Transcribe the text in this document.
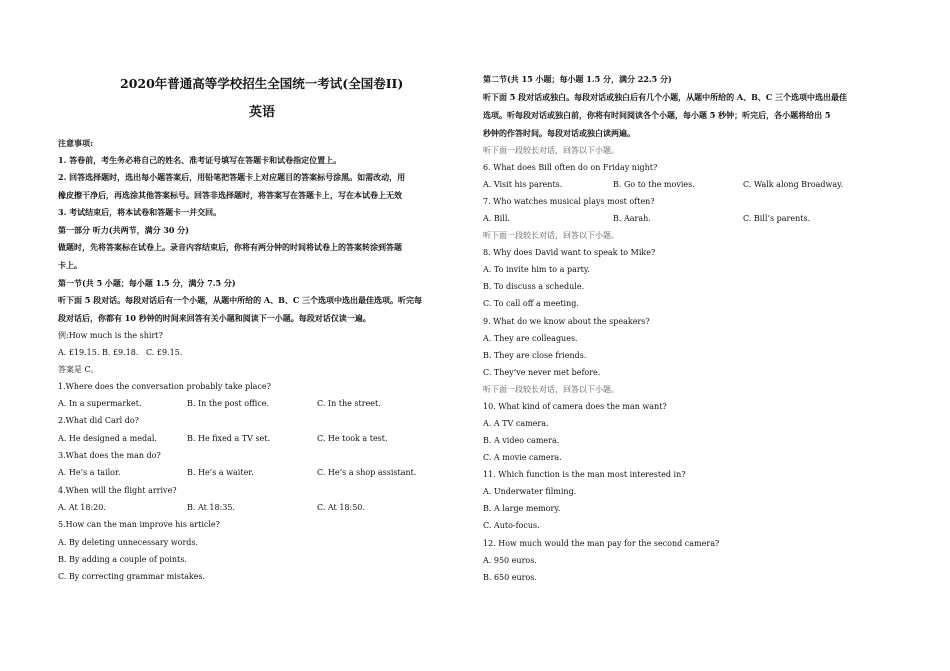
2020年普通高等学校招生全国统一考试(全国卷II)
英语
注意事项:
1. 答卷前，考生务必将自己的姓名、准考证号填写在答题卡和试卷指定位置上。
2. 回答选择题时，选出每小题答案后，用铅笔把答题卡上对应题目的答案标号涂黑。如需改动，用
橡皮擦干净后，再选涂其他答案标号。回答非选择题时，将答案写在答题卡上，写在本试卷上无效
3. 考试结束后，将本试卷和答题卡一并交回。
第一部分 听力(共两节，满分 30 分)
做题时，先将答案标在试卷上。录音内容结束后，你将有两分钟的时间将试卷上的答案转涂到答题
卡上。
第一节(共 5 小题；每小题 1.5 分，满分 7.5 分)
听下面 5 段对话。每段对话后有一个小题，从题中所给的 A、B、C 三个选项中选出最佳选项。听完每
段对话后，你都有 10 秒钟的时间来回答有关小题和阅读下一小题。每段对话仅读一遍。
例:How much is the shirt?
A. £19.15. B. £9.18. C. £9.15.
答案是 C。
1.Where does the conversation probably take place?
A. In a supermarket.	B. In the post office.	C. In the street.
2.What did Carl do?
A. He designed a medal.	B. He fixed a TV set.	C. He took a test.
3.What does the man do?
A. He’s a tailor.	B. He’s a waiter.	C. He’s a shop assistant.
4.When will the flight arrive?
A. At 18:20.	B. At 18:35.	C. At 18:50.
5.How can the man improve his article?
A. By deleting unnecessary words.
B. By adding a couple of points.
C. By correcting grammar mistakes.
第二节(共 15 小题；每小题 1.5 分，满分 22.5 分)
听下面 5 段对话或独白。每段对话或独白后有几个小题，从题中所给的 A、B、C 三个选项中选出最佳
选项。听每段对话或独白前，你将有时间阅读各个小题，每小题 5 秒钟；听完后，各小题将给出 5
秒钟的作答时间。每段对话或独白读两遍。
听下面一段较长对话，回答以下小题。
6. What does Bill often do on Friday night?
A. Visit his parents.	B. Go to the movies.	C. Walk along Broadway.
7. Who watches musical plays most often?
A. Bill.	B. Aarah.	C. Bill’s parents.
听下面一段较长对话，回答以下小题。
8. Why does David want to speak to Mike?
A. To invite him to a party.
B. To discuss a schedule.
C. To call off a meeting.
9. What do we know about the speakers?
A. They are colleagues.
B. They are close friends.
C. They’ve never met before.
听下面一段较长对话，回答以下小题。
10. What kind of camera does the man want?
A. A TV camera.
B. A video camera.
C. A movie camera.
11. Which function is the man most interested in?
A. Underwater filming.
B. A large memory.
C. Auto-focus.
12. How much would the man pay for the second camera?
A. 950 euros.
B. 650 euros.
